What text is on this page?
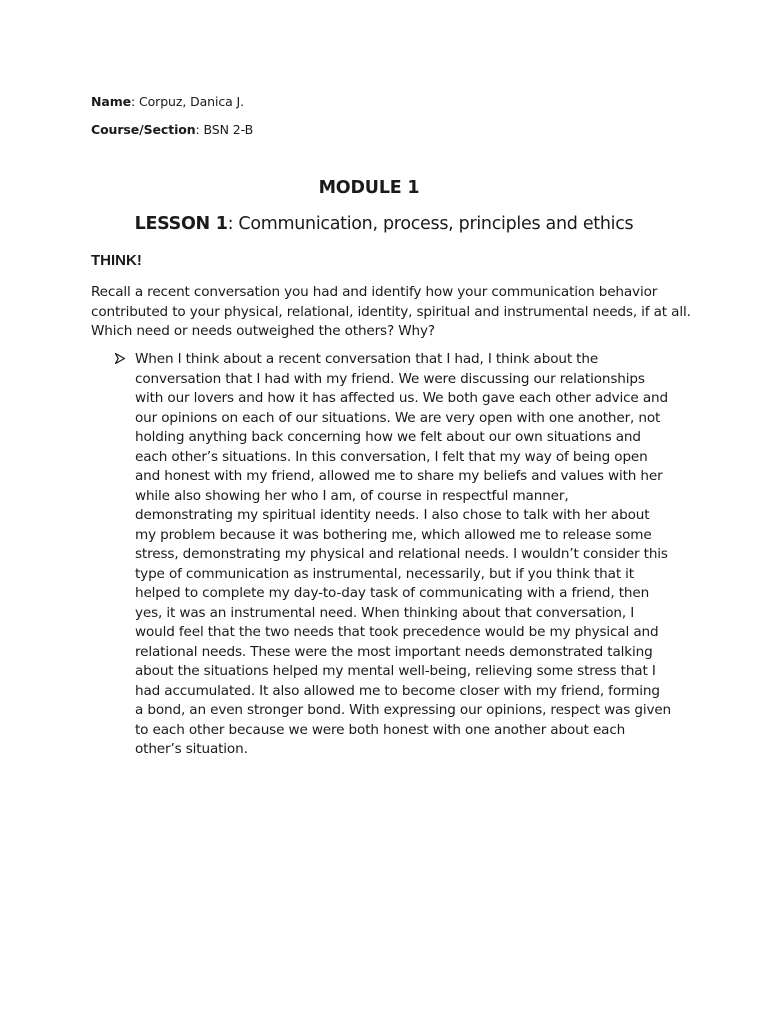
Name: Corpuz, Danica J.
Course/Section: BSN 2-B
MODULE 1
LESSON 1: Communication, process, principles and ethics
THINK!
Recall a recent conversation you had and identify how your communication behavior contributed to your physical, relational, identity, spiritual and instrumental needs, if at all. Which need or needs outweighed the others? Why?
When I think about a recent conversation that I had, I think about the
conversation that I had with my friend. We were discussing our relationships
with our lovers and how it has affected us. We both gave each other advice and
our opinions on each of our situations. We are very open with one another, not
holding anything back concerning how we felt about our own situations and
each other’s situations. In this conversation, I felt that my way of being open
and honest with my friend, allowed me to share my beliefs and values with her
while also showing her who I am, of course in respectful manner,
demonstrating my spiritual identity needs. I also chose to talk with her about
my problem because it was bothering me, which allowed me to release some
stress, demonstrating my physical and relational needs. I wouldn’t consider this
type of communication as instrumental, necessarily, but if you think that it
helped to complete my day-to-day task of communicating with a friend, then
yes, it was an instrumental need. When thinking about that conversation, I
would feel that the two needs that took precedence would be my physical and
relational needs. These were the most important needs demonstrated talking
about the situations helped my mental well-being, relieving some stress that I
had accumulated. It also allowed me to become closer with my friend, forming
a bond, an even stronger bond. With expressing our opinions, respect was given
to each other because we were both honest with one another about each
other’s situation.
